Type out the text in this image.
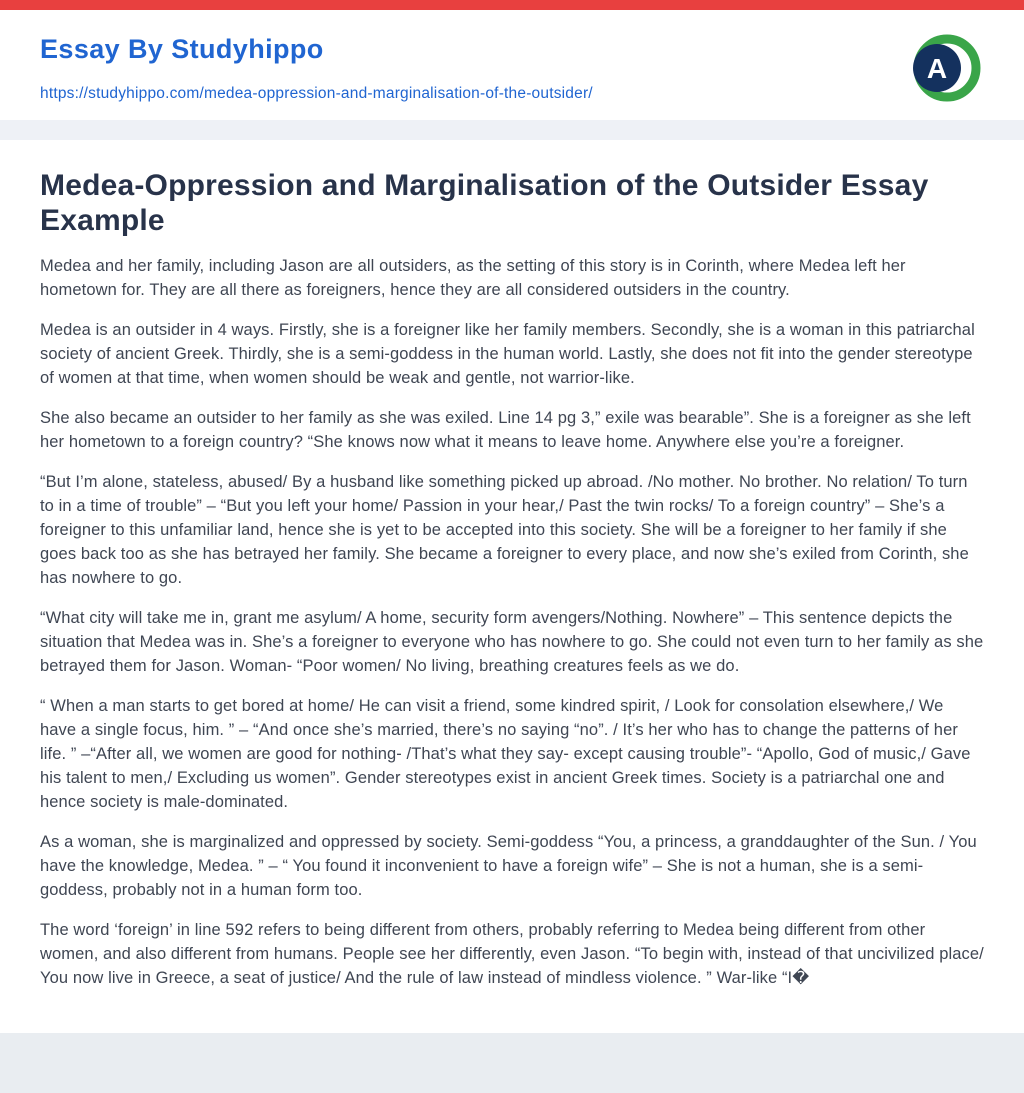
Essay By Studyhippo
https://studyhippo.com/medea-oppression-and-marginalisation-of-the-outsider/
A
Medea-Oppression and Marginalisation of the Outsider Essay Example

Medea and her family, including Jason are all outsiders, as the setting of this story is in Corinth, where Medea left her hometown for. They are all there as foreigners, hence they are all considered outsiders in the country.

Medea is an outsider in 4 ways. Firstly, she is a foreigner like her family members. Secondly, she is a woman in this patriarchal society of ancient Greek. Thirdly, she is a semi-goddess in the human world. Lastly, she does not fit into the gender stereotype of women at that time, when women should be weak and gentle, not warrior-like.

She also became an outsider to her family as she was exiled. Line 14 pg 3,” exile was bearable”. She is a foreigner as she left her hometown to a foreign country? “She knows now what it means to leave home. Anywhere else you’re a foreigner.

“But I’m alone, stateless, abused/ By a husband like something picked up abroad. /No mother. No brother. No relation/ To turn to in a time of trouble” – “But you left your home/ Passion in your hear,/ Past the twin rocks/ To a foreign country” – She’s a foreigner to this unfamiliar land, hence she is yet to be accepted into this society. She will be a foreigner to her family if she goes back too as she has betrayed her family. She became a foreigner to every place, and now she’s exiled from Corinth, she has nowhere to go.

“What city will take me in, grant me asylum/ A home, security form avengers/Nothing. Nowhere” – This sentence depicts the situation that Medea was in. She’s a foreigner to everyone who has nowhere to go. She could not even turn to her family as she betrayed them for Jason. Woman- “Poor women/ No living, breathing creatures feels as we do.

“ When a man starts to get bored at home/ He can visit a friend, some kindred spirit, / Look for consolation elsewhere,/ We have a single focus, him. ” – “And once she’s married, there’s no saying “no”. / It’s her who has to change the patterns of her life. ” –“After all, we women are good for nothing- /That’s what they say- except causing trouble”- “Apollo, God of music,/ Gave his talent to men,/ Excluding us women”. Gender stereotypes exist in ancient Greek times. Society is a patriarchal one and hence society is male-dominated.

As a woman, she is marginalized and oppressed by society. Semi-goddess “You, a princess, a granddaughter of the Sun. / You have the knowledge, Medea. ” – “ You found it inconvenient to have a foreign wife” – She is not a human, she is a semi-goddess, probably not in a human form too.

The word ‘foreign’ in line 592 refers to being different from others, probably referring to Medea being different from other women, and also different from humans. People see her differently, even Jason. “To begin with, instead of that uncivilized place/ You now live in Greece, a seat of justice/ And the rule of law instead of mindless violence. ” War-like “I�
